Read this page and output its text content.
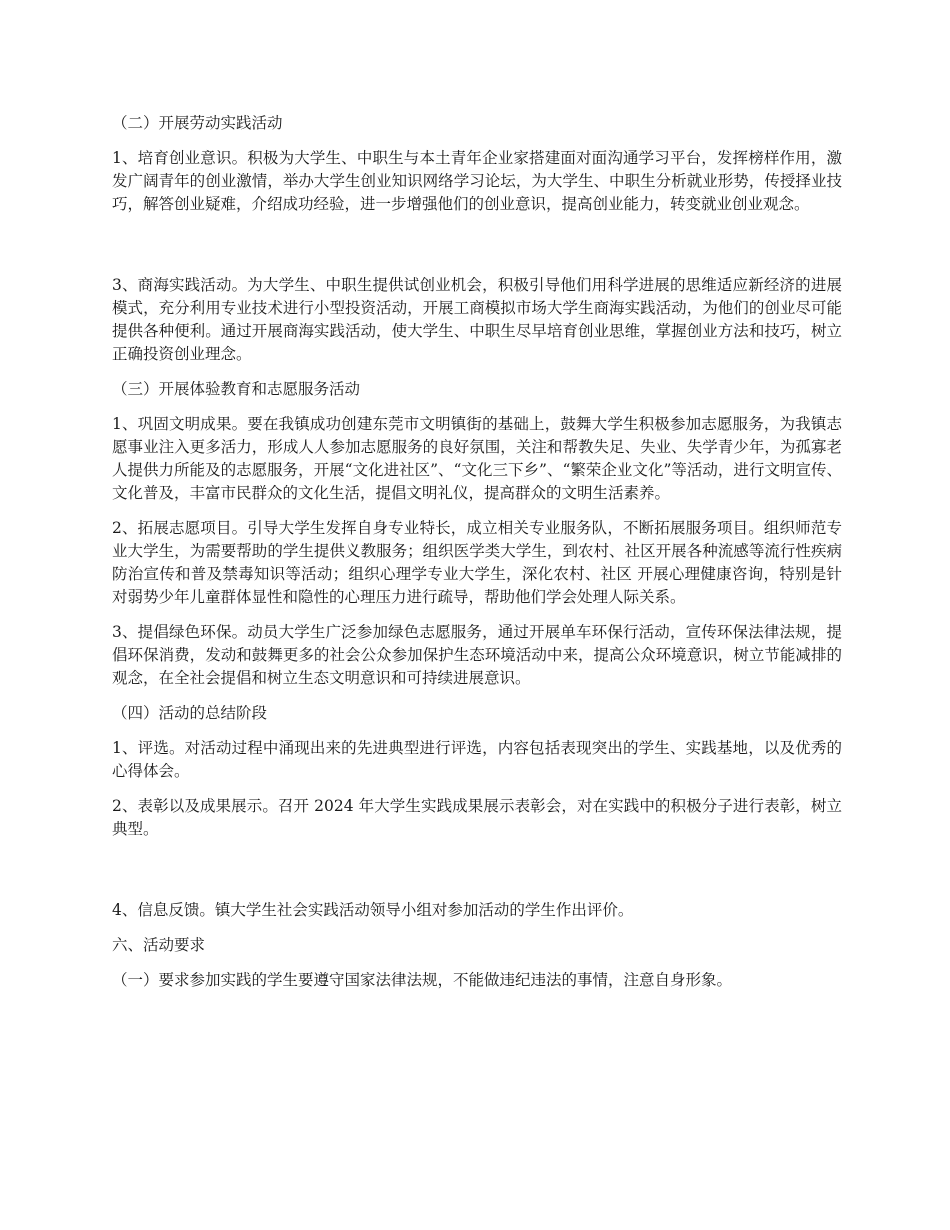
（二）开展劳动实践活动

1、培育创业意识。积极为大学生、中职生与本土青年企业家搭建面对面沟通学习平台，发挥榜样作用，激发广阔青年的创业激情，举办大学生创业知识网络学习论坛，为大学生、中职生分析就业形势，传授择业技巧，解答创业疑难，介绍成功经验，进一步增强他们的创业意识，提高创业能力，转变就业创业观念。

3、商海实践活动。为大学生、中职生提供试创业机会，积极引导他们用科学进展的思维适应新经济的进展模式，充分利用专业技术进行小型投资活动，开展工商模拟市场大学生商海实践活动，为他们的创业尽可能提供各种便利。通过开展商海实践活动，使大学生、中职生尽早培育创业思维，掌握创业方法和技巧，树立正确投资创业理念。

（三）开展体验教育和志愿服务活动

1、巩固文明成果。要在我镇成功创建东莞市文明镇街的基础上，鼓舞大学生积极参加志愿服务，为我镇志愿事业注入更多活力，形成人人参加志愿服务的良好氛围，关注和帮教失足、失业、失学青少年，为孤寡老人提供力所能及的志愿服务，开展“文化进社区”、“文化三下乡”、“繁荣企业文化”等活动，进行文明宣传、文化普及，丰富市民群众的文化生活，提倡文明礼仪，提高群众的文明生活素养。

2、拓展志愿项目。引导大学生发挥自身专业特长，成立相关专业服务队，不断拓展服务项目。组织师范专业大学生，为需要帮助的学生提供义教服务；组织医学类大学生，到农村、社区开展各种流感等流行性疾病防治宣传和普及禁毒知识等活动；组织心理学专业大学生，深化农村、社区 开展心理健康咨询，特别是针对弱势少年儿童群体显性和隐性的心理压力进行疏导，帮助他们学会处理人际关系。

3、提倡绿色环保。动员大学生广泛参加绿色志愿服务，通过开展单车环保行活动，宣传环保法律法规，提倡环保消费，发动和鼓舞更多的社会公众参加保护生态环境活动中来，提高公众环境意识，树立节能减排的观念，在全社会提倡和树立生态文明意识和可持续进展意识。

（四）活动的总结阶段

1、评选。对活动过程中涌现出来的先进典型进行评选，内容包括表现突出的学生、实践基地，以及优秀的心得体会。

2、表彰以及成果展示。召开 2024 年大学生实践成果展示表彰会，对在实践中的积极分子进行表彰，树立典型。

4、信息反馈。镇大学生社会实践活动领导小组对参加活动的学生作出评价。

六、活动要求

（一）要求参加实践的学生要遵守国家法律法规，不能做违纪违法的事情，注意自身形象。
